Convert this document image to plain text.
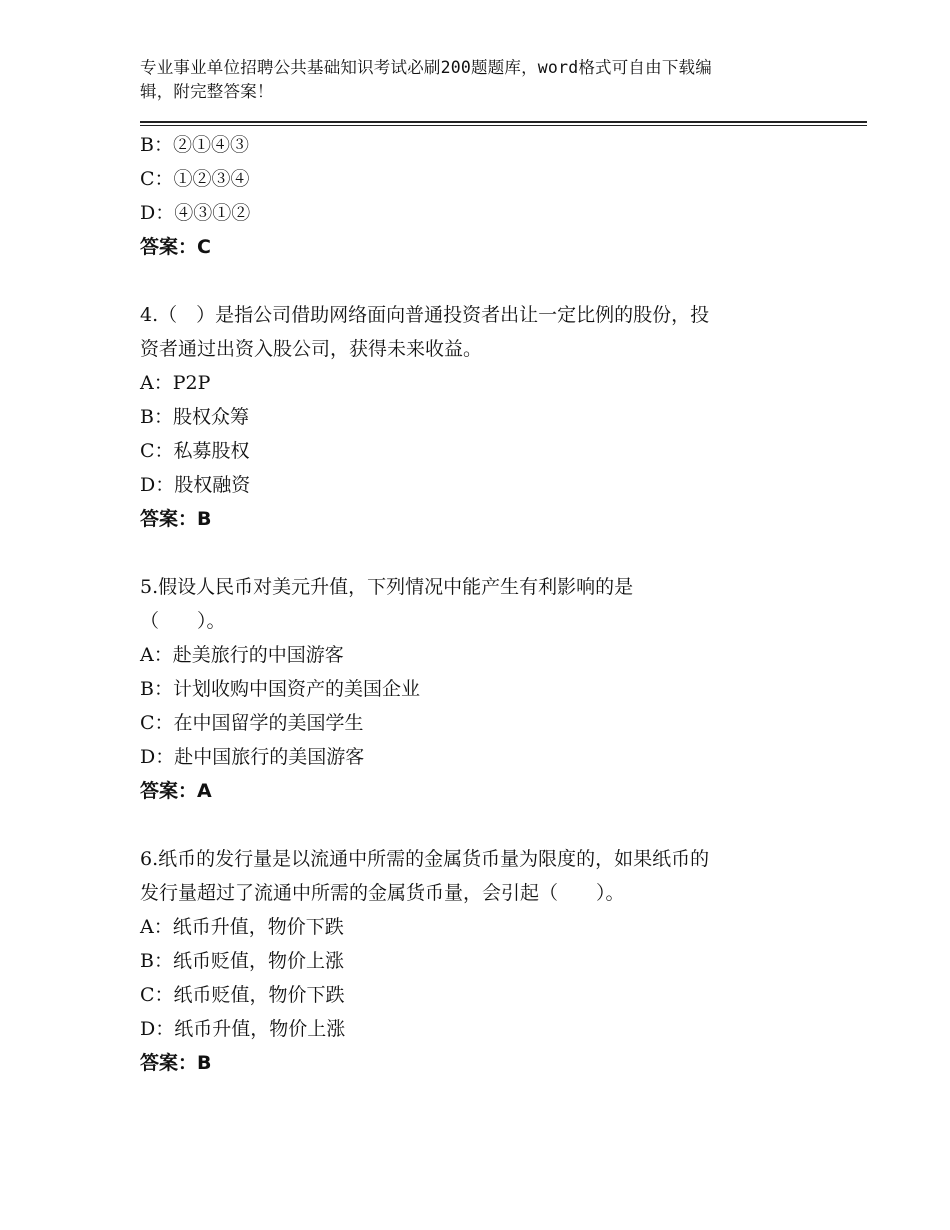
专业事业单位招聘公共基础知识考试必刷200题题库，word格式可自由下载编
辑，附完整答案！
B：②①④③
C：①②③④
D：④③①②
答案：C
4.（　）是指公司借助网络面向普通投资者出让一定比例的股份，投
资者通过出资入股公司，获得未来收益。
A：P2P
B：股权众筹
C：私募股权
D：股权融资
答案：B
5.假设人民币对美元升值，下列情况中能产生有利影响的是
（　　）。
A：赴美旅行的中国游客
B：计划收购中国资产的美国企业
C：在中国留学的美国学生
D：赴中国旅行的美国游客
答案：A
6.纸币的发行量是以流通中所需的金属货币量为限度的，如果纸币的
发行量超过了流通中所需的金属货币量，会引起（　　）。
A：纸币升值，物价下跌
B：纸币贬值，物价上涨
C：纸币贬值，物价下跌
D：纸币升值，物价上涨
答案：B
